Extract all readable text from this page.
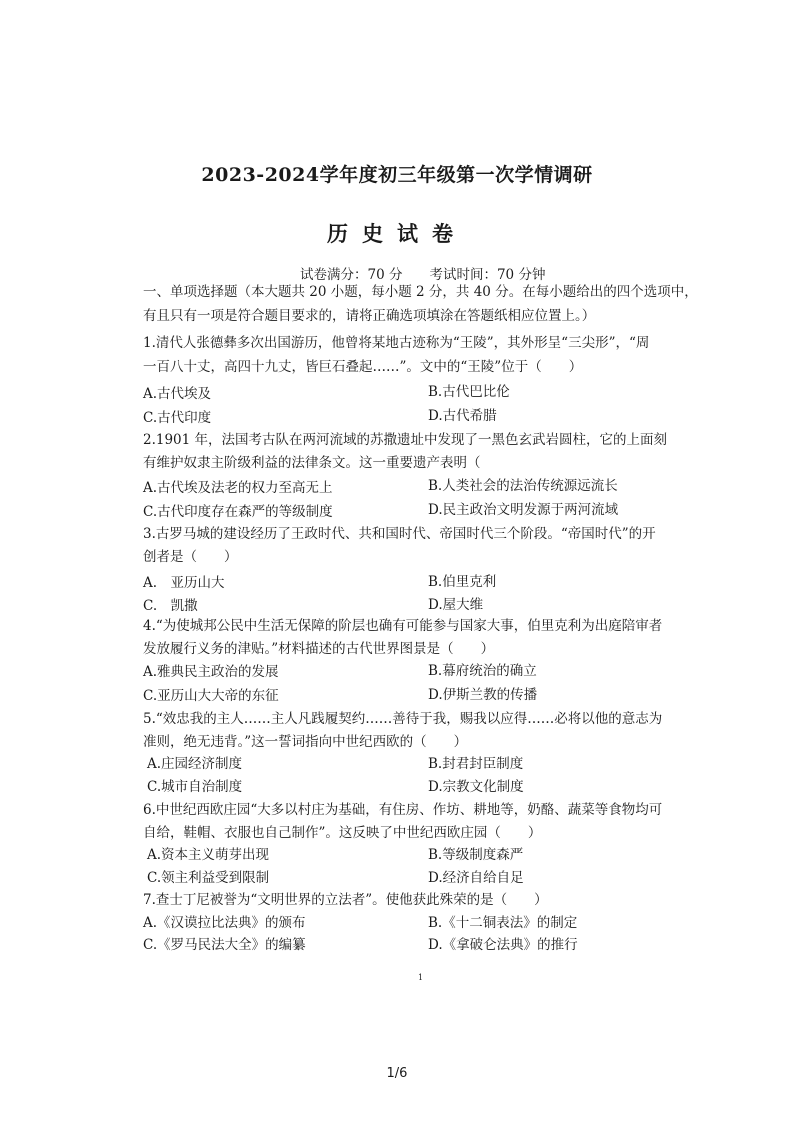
2023-2024学年度初三年级第一次学情调研
历史试卷
试卷满分：70 分　　考试时间：70 分钟
一、单项选择题（本大题共 20 小题，每小题 2 分，共 40 分。在每小题给出的四个选项中，
有且只有一项是符合题目要求的，请将正确选项填涂在答题纸相应位置上。）
1.清代人张德彝多次出国游历，他曾将某地古迹称为“王陵”，其外形呈“三尖形”，“周
一百八十丈，高四十九丈，皆巨石叠起……”。文中的“王陵”位于（　　）
A.古代埃及	B.古代巴比伦
C.古代印度	D.古代希腊
2.1901 年，法国考古队在两河流域的苏撒遗址中发现了一黑色玄武岩圆柱，它的上面刻
有维护奴隶主阶级利益的法律条文。这一重要遗产表明（
A.古代埃及法老的权力至高无上	B.人类社会的法治传统源远流长
C.古代印度存在森严的等级制度	D.民主政治文明发源于两河流域
3.古罗马城的建设经历了王政时代、共和国时代、帝国时代三个阶段。“帝国时代”的开
创者是（　　）
A.　亚历山大	B.伯里克利
C.　凯撒	D.屋大维
4.“为使城邦公民中生活无保障的阶层也确有可能参与国家大事，伯里克利为出庭陪审者
发放履行义务的津贴。”材料描述的古代世界图景是（　　）
A.雅典民主政治的发展	B.幕府统治的确立
C.亚历山大大帝的东征	D.伊斯兰教的传播
5.“效忠我的主人……主人凡践履契约……善待于我，赐我以应得……必将以他的意志为
准则，绝无违背。”这一誓词指向中世纪西欧的（　　）
A.庄园经济制度	B.封君封臣制度
C.城市自治制度	D.宗教文化制度
6.中世纪西欧庄园“大多以村庄为基础，有住房、作坊、耕地等，奶酪、蔬菜等食物均可
自给，鞋帽、衣服也自己制作”。这反映了中世纪西欧庄园（　　）
A.资本主义萌芽出现	B.等级制度森严
C.领主利益受到限制	D.经济自给自足
7.查士丁尼被誉为“文明世界的立法者”。使他获此殊荣的是（　　）
A.《汉谟拉比法典》的颁布	B.《十二铜表法》的制定
C.《罗马民法大全》的编纂	D.《拿破仑法典》的推行
1
1/6
